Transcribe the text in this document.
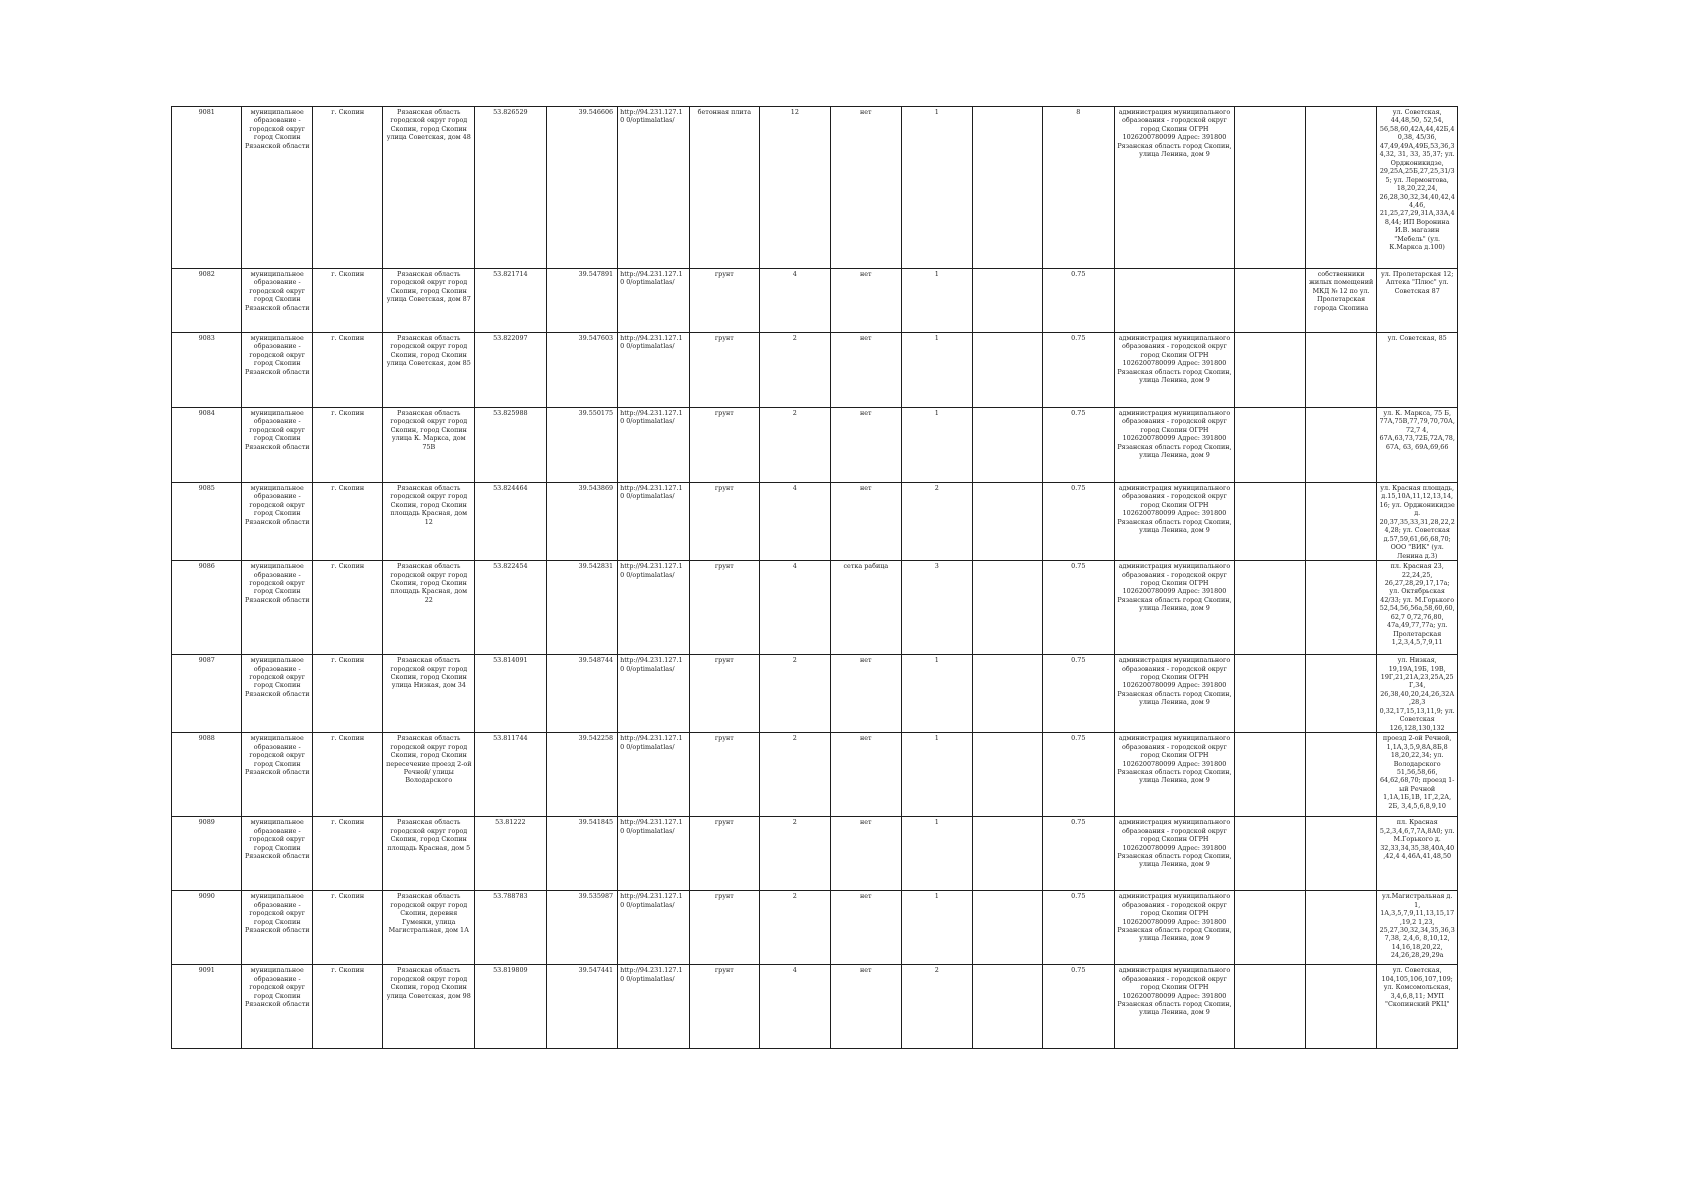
9081	муниципальное образование - городской округ город Скопин Рязанской области	г. Скопин	Рязанская область городской округ город Скопин, город Скопин улица Советская, дом 48	53.826529	39.546606	http://94.231.127.10 0/optimalatlas/	бетонная плита	12	нет	1		8	администрация муниципального образования - городской округ город Скопин ОГРН 1026200780099 Адрес: 391800 Рязанская область город Скопин, улица Ленина, дом 9			ул. Советская, 44,48,50, 52,54, 56,58,60,42А,44,42Б,40,38, 45/36, 47,49,49А,49Б,53,36,34,32, 31, 33, 35,37; ул. Орджоникидзе, 29,25А,25Б,27,25,31/35; ул. Лермонтова, 18,20,22,24, 26,28,30,32,34,40,42,44,46, 21,25,27,29,31А,33А,48,44; ИП Воронина И.В. магазин "Мебель" (ул. К.Маркса д.100)
9082	муниципальное образование - городской округ город Скопин Рязанской области	г. Скопин	Рязанская область городской округ город Скопин, город Скопин улица Советская, дом 87	53.821714	39.547891	http://94.231.127.10 0/optimalatlas/	грунт	4	нет	1		0.75			собственники жилых помещений МКД № 12 по ул. Пролетарская города Скопина	ул. Пролетарская 12; Аптека "Плюс" ул. Советская 87
9083	муниципальное образование - городской округ город Скопин Рязанской области	г. Скопин	Рязанская область городской округ город Скопин, город Скопин улица Советская, дом 85	53.822097	39.547603	http://94.231.127.10 0/optimalatlas/	грунт	2	нет	1		0.75	администрация муниципального образования - городской округ город Скопин ОГРН 1026200780099 Адрес: 391800 Рязанская область город Скопин, улица Ленина, дом 9			ул. Советская, 85
9084	муниципальное образование - городской округ город Скопин Рязанской области	г. Скопин	Рязанская область городской округ город Скопин, город Скопин улица К. Маркса, дом 75В	53.825988	39.550175	http://94.231.127.10 0/optimalatlas/	грунт	2	нет	1		0.75	администрация муниципального образования - городской округ город Скопин ОГРН 1026200780099 Адрес: 391800 Рязанская область город Скопин, улица Ленина, дом 9			ул. К. Маркса, 75 Б, 77А,75В,77,79,70,70А,72,7 4, 67А,63,73,72Б,72А,78,67А, 63, 69А,69,66
9085	муниципальное образование - городской округ город Скопин Рязанской области	г. Скопин	Рязанская область городской округ город Скопин, город Скопин площадь Красная, дом 12	53.824464	39.543869	http://94.231.127.10 0/optimalatlas/	грунт	4	нет	2		0.75	администрация муниципального образования - городской округ город Скопин ОГРН 1026200780099 Адрес: 391800 Рязанская область город Скопин, улица Ленина, дом 9			ул. Красная площадь, д.15,10А,11,12,13,14,16; ул. Орджоникидзе д. 20,37,35,33,31,28,22,24,28; ул. Советская д.57,59,61,66,68,70; ООО "ВИК" (ул. Ленина д.3)
9086	муниципальное образование - городской округ город Скопин Рязанской области	г. Скопин	Рязанская область городской округ город Скопин, город Скопин площадь Красная, дом 22	53.822454	39.542831	http://94.231.127.10 0/optimalatlas/	грунт	4	сетка рабица	3		0.75	администрация муниципального образования - городской округ город Скопин ОГРН 1026200780099 Адрес: 391800 Рязанская область город Скопин, улица Ленина, дом 9			пл. Красная 23, 22,24,25, 26,27,28,29,17,17а; ул. Октябрьская 42/33; ул. М.Горького 52,54,56,56а,58,60,60,62,7 0,72,76,80, 47а,49,77,77а; ул. Пролетарская 1,2,3,4,5,7,9,11
9087	муниципальное образование - городской округ город Скопин Рязанской области	г. Скопин	Рязанская область городской округ город Скопин, город Скопин улица Низкая, дом 34	53.814091	39.548744	http://94.231.127.10 0/optimalatlas/	грунт	2	нет	1		0.75	администрация муниципального образования - городской округ город Скопин ОГРН 1026200780099 Адрес: 391800 Рязанская область город Скопин, улица Ленина, дом 9			ул. Низкая, 19,19А,19Б, 19В, 19Г,21,21А,23,25А,25Г,34, 26,38,40,20,24,26,32А,28,3 0,32,17,15,13,11,9; ул. Советская 126,128,130,132
9088	муниципальное образование - городской округ город Скопин Рязанской области	г. Скопин	Рязанская область городской округ город Скопин, город Скопин пересечение проезд 2-ой Речной/ улицы Володарского	53.811744	39.542258	http://94.231.127.10 0/optimalatlas/	грунт	2	нет	1		0.75	администрация муниципального образования - городской округ город Скопин ОГРН 1026200780099 Адрес: 391800 Рязанская область город Скопин, улица Ленина, дом 9			проезд 2-ой Речной, 1,1А,3,5,9,8А,8Б,8 18,20,22,34; ул. Володарского 51,56,58,66, 64,62,68,70; проезд 1-ый Речной 1,1А,1Б,1В, 1Г,2,2А, 2Б, 3,4,5,6,8,9,10
9089	муниципальное образование - городской округ город Скопин Рязанской области	г. Скопин	Рязанская область городской округ город Скопин, город Скопин площадь Красная, дом 5	53.81222	39.541845	http://94.231.127.10 0/optimalatlas/	грунт	2	нет	1		0.75	администрация муниципального образования - городской округ город Скопин ОГРН 1026200780099 Адрес: 391800 Рязанская область город Скопин, улица Ленина, дом 9			пл. Красная 5,2,3,4,6,7,7А,8А0; ул. М.Горького д. 32,33,34,35,38,40А,40,42,4 4,46А,41,48,50
9090	муниципальное образование - городской округ город Скопин Рязанской области	г. Скопин	Рязанская область городской округ город Скопин, деревня Гуменки, улица Магистральная, дом 1А	53.788783	39.535987	http://94.231.127.10 0/optimalatlas/	грунт	2	нет	1		0.75	администрация муниципального образования - городской округ город Скопин ОГРН 1026200780099 Адрес: 391800 Рязанская область город Скопин, улица Ленина, дом 9			ул.Магистральная д. 1, 1А,3,5,7,9,11,13,15,17,19,2 1,23, 25,27,30,32,34,35,36,37,38, 2,4,6, 8,10,12, 14,16,18,20,22, 24,26,28,29,29а
9091	муниципальное образование - городской округ город Скопин Рязанской области	г. Скопин	Рязанская область городской округ город Скопин, город Скопин улица Советская, дом 98	53.819809	39.547441	http://94.231.127.10 0/optimalatlas/	грунт	4	нет	2		0.75	администрация муниципального образования - городской округ город Скопин ОГРН 1026200780099 Адрес: 391800 Рязанская область город Скопин, улица Ленина, дом 9			ул. Советская, 104,105,106,107,109; ул. Комсомольская, 3,4,6,8,11; МУП "Скопинский РКЦ"
